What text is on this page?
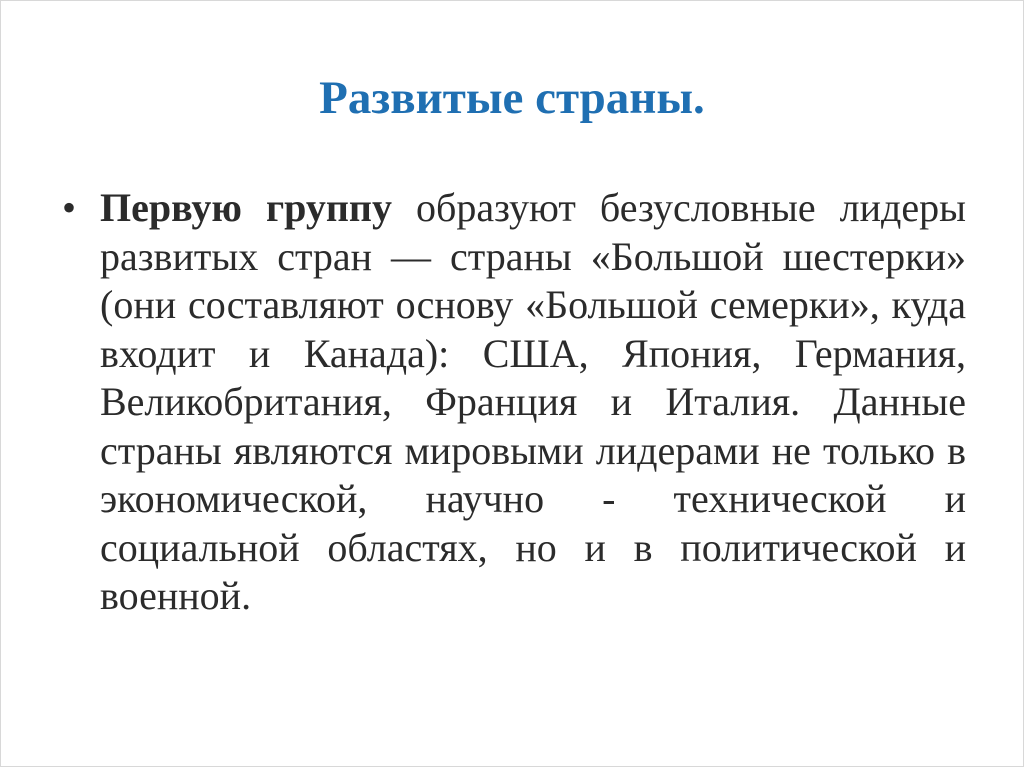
Развитые страны.
• Первую группу образуют безусловные лидеры развитых стран — страны «Большой шестерки» (они составляют основу «Большой семерки», куда входит и Канада): США, Япония, Германия, Великобритания, Франция и Италия. Данные страны являются мировыми лидерами не только в экономической, научно - технической и социальной областях, но и в политической и военной.
